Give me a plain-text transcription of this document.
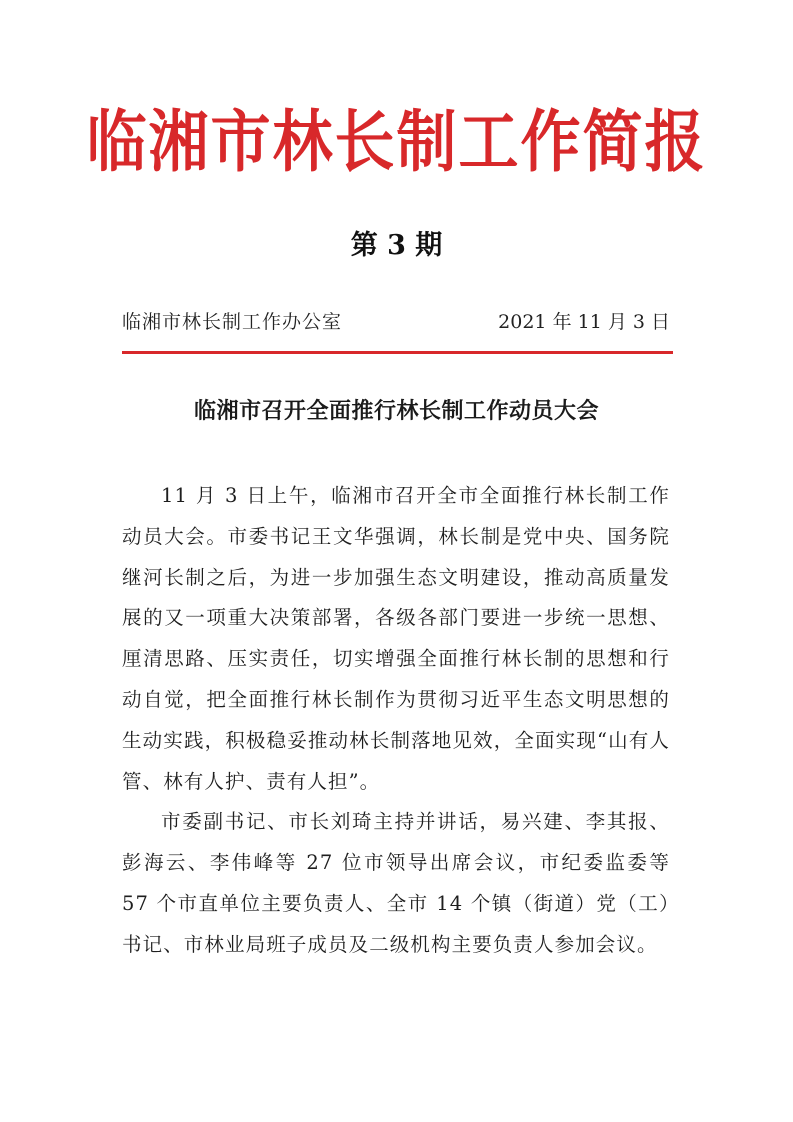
临湘市林长制工作简报
第 3 期
临湘市林长制工作办公室	2021 年 11 月 3 日
临湘市召开全面推行林长制工作动员大会

11 月 3 日上午，临湘市召开全市全面推行林长制工作动员大会。市委书记王文华强调，林长制是党中央、国务院继河长制之后，为进一步加强生态文明建设，推动高质量发展的又一项重大决策部署，各级各部门要进一步统一思想、厘清思路、压实责任，切实增强全面推行林长制的思想和行动自觉，把全面推行林长制作为贯彻习近平生态文明思想的生动实践，积极稳妥推动林长制落地见效，全面实现“山有人管、林有人护、责有人担”。

市委副书记、市长刘琦主持并讲话，易兴建、李其报、彭海云、李伟峰等 27 位市领导出席会议，市纪委监委等 57 个市直单位主要负责人、全市 14 个镇（街道）党（工）书记、市林业局班子成员及二级机构主要负责人参加会议。
